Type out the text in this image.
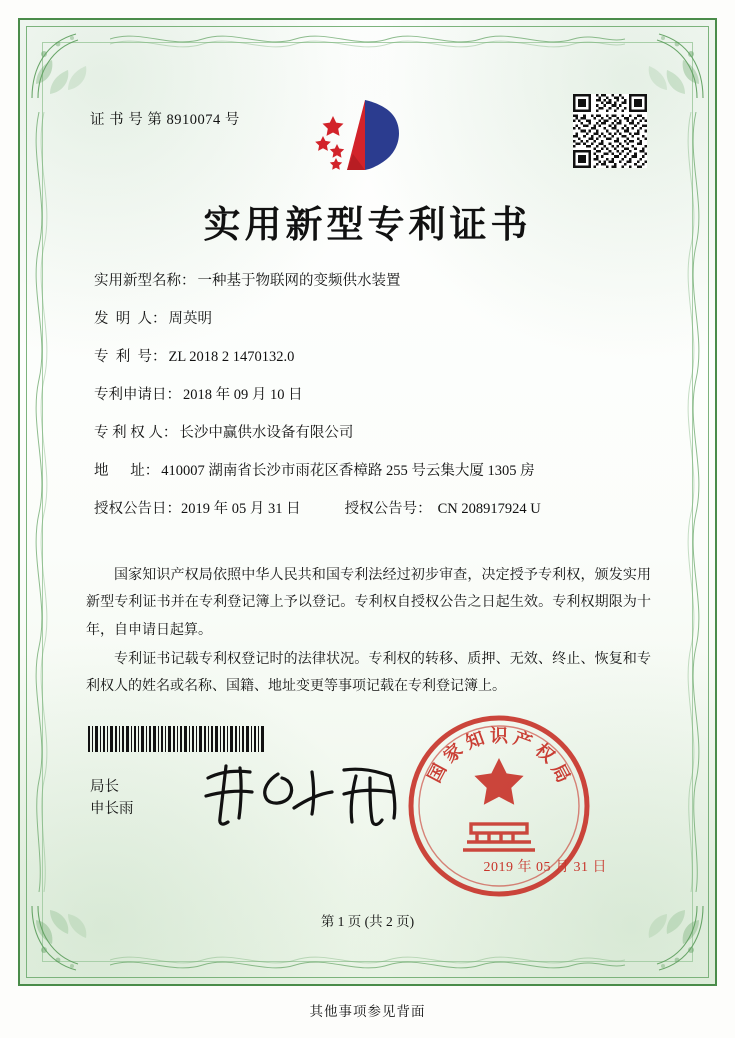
证 书 号 第 8910074 号
实用新型专利证书
实用新型名称： 一种基于物联网的变频供水装置
发  明  人： 周英明
专  利  号： ZL 2018 2 1470132.0
专利申请日： 2018 年 09 月 10 日
专 利 权 人： 长沙中赢供水设备有限公司
地      址： 410007 湖南省长沙市雨花区香樟路 255 号云集大厦 1305 房
授权公告日： 2019 年 05 月 31 日	授权公告号： CN 208917924 U

国家知识产权局依照中华人民共和国专利法经过初步审查，决定授予专利权，颁发实用新型专利证书并在专利登记簿上予以登记。专利权自授权公告之日起生效。专利权期限为十年，自申请日起算。

专利证书记载专利权登记时的法律状况。专利权的转移、质押、无效、终止、恢复和专利权人的姓名或名称、国籍、地址变更等事项记载在专利登记簿上。

局长
申长雨
国
家
知 识 产
权
局
2019 年 05 月 31 日
第 1 页 (共 2 页)
其他事项参见背面
